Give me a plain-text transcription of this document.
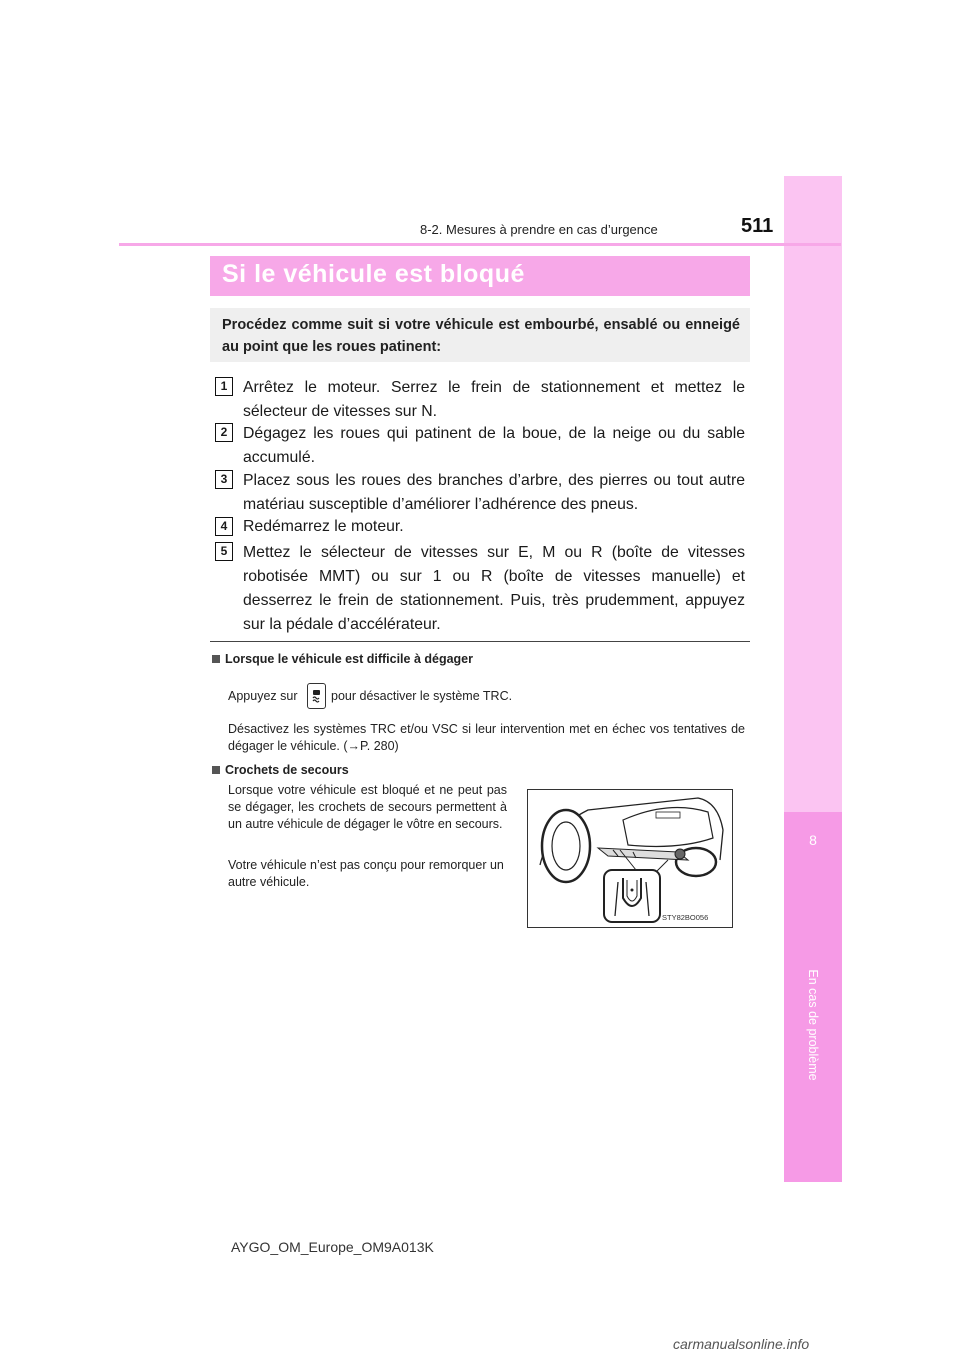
8
En cas de problème
8-2. Mesures à prendre en cas d’urgence	511
Si le véhicule est bloqué
Procédez comme suit si votre véhicule est embourbé, ensablé ou enneigé au point que les roues patinent:
1 Arrêtez le moteur. Serrez le frein de stationnement et mettez le sélecteur de vitesses sur N.
2 Dégagez les roues qui patinent de la boue, de la neige ou du sable accumulé.
3 Placez sous les roues des branches d’arbre, des pierres ou tout autre matériau susceptible d’améliorer l’adhérence des pneus.
4 Redémarrez le moteur.
5 Mettez le sélecteur de vitesses sur E, M ou R (boîte de vitesses robotisée MMT) ou sur 1 ou R (boîte de vitesses manuelle) et desserrez le frein de stationnement. Puis, très prudemment, appuyez sur la pédale d’accélérateur.
Lorsque le véhicule est difficile à dégager
Appuyez sur	pour désactiver le système TRC.
Désactivez les systèmes TRC et/ou VSC si leur intervention met en échec vos tentatives de dégager le véhicule. (→P. 280)
Crochets de secours
Lorsque votre véhicule est bloqué et ne peut pas se dégager, les crochets de secours permettent à un autre véhicule de dégager le vôtre en secours.
Votre véhicule n’est pas conçu pour remorquer un autre véhicule.
STY82BO056
AYGO_OM_Europe_OM9A013K
carmanualsonline.info
